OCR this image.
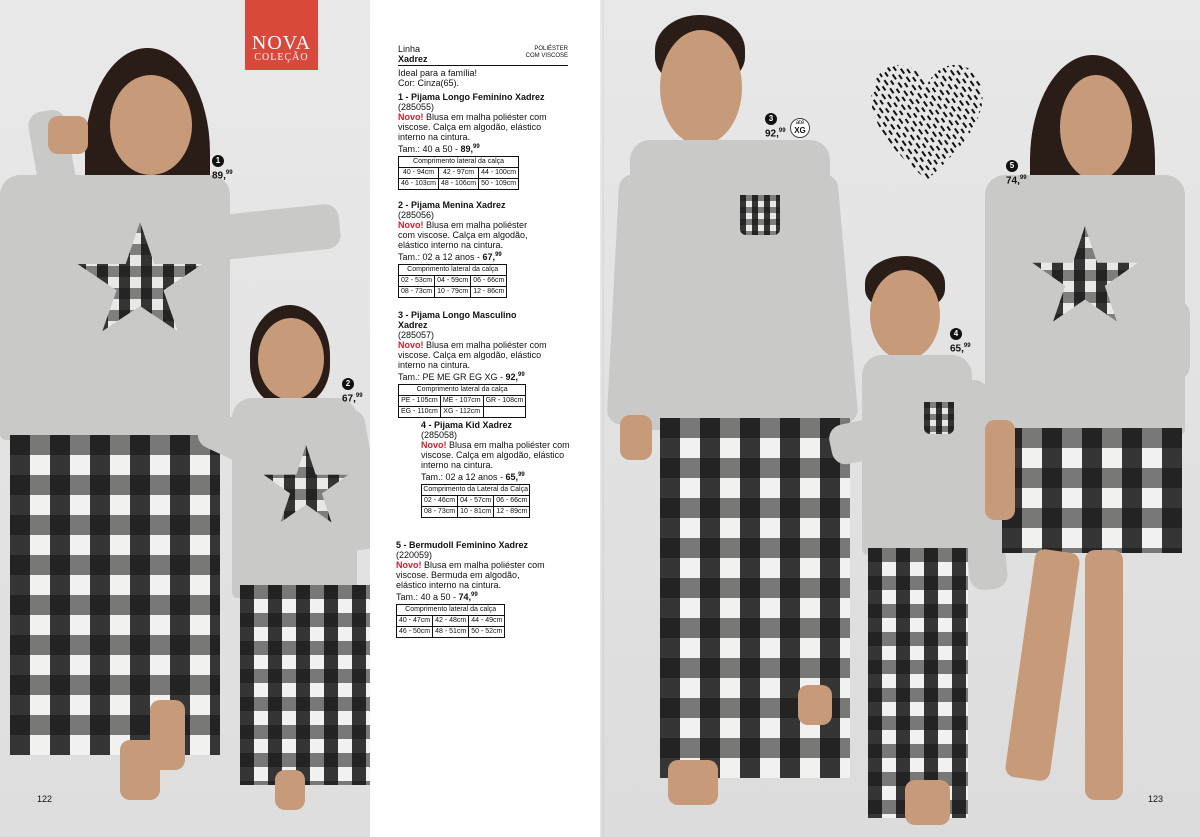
NOVA
COLEÇÃO
Linha
Xadrez
POLIÉSTER
COM VISCOSE
Ideal para a família!
Cor: Cinza(65).
1 - Pijama Longo Feminino Xadrez
(285055)
Novo! Blusa em malha poliéster com viscose. Calça em algodão, elástico interno na cintura.
Tam.: 40 a 50 - 89,99
Comprimento lateral da calça		
40 - 94cm	42 - 97cm	44 - 100cm
46 - 103cm	48 - 106cm	50 - 109cm
2 - Pijama Menina Xadrez
(285056)
Novo! Blusa em malha poliéster com viscose. Calça em algodão, elástico interno na cintura.
Tam.: 02 a 12 anos - 67,99
Comprimento lateral da calça		
02 - 53cm	04 - 59cm	06 - 66cm
08 - 73cm	10 - 79cm	12 - 86cm
3 - Pijama Longo Masculino Xadrez
(285057)
Novo! Blusa em malha poliéster com viscose. Calça em algodão, elástico interno na cintura.
Tam.: PE ME GR EG XG - 92,99
Comprimento lateral da calça		
PE - 105cm	ME - 107cm	GR - 108cm
EG - 110cm	XG - 112cm	
4 - Pijama Kid Xadrez
(285058)
Novo! Blusa em malha poliéster com viscose. Calça em algodão, elástico interno na cintura.
Tam.: 02 a 12 anos - 65,99
Comprimento da Lateral da Calça		
02 - 46cm	04 - 57cm	06 - 66cm
08 - 73cm	10 - 81cm	12 - 89cm
5 - Bermudoll Feminino Xadrez
(220059)
Novo! Blusa em malha poliéster com viscose. Bermuda em algodão, elástico interno na cintura.
Tam.: 40 a 50 - 74,99
Comprimento lateral da calça		
40 - 47cm	42 - 48cm	44 - 49cm
46 - 50cm	48 - 51cm	50 - 52cm
1
89,99
2
67,99
3
92,99
até
XG
4
65,99
5
74,99
122	123
